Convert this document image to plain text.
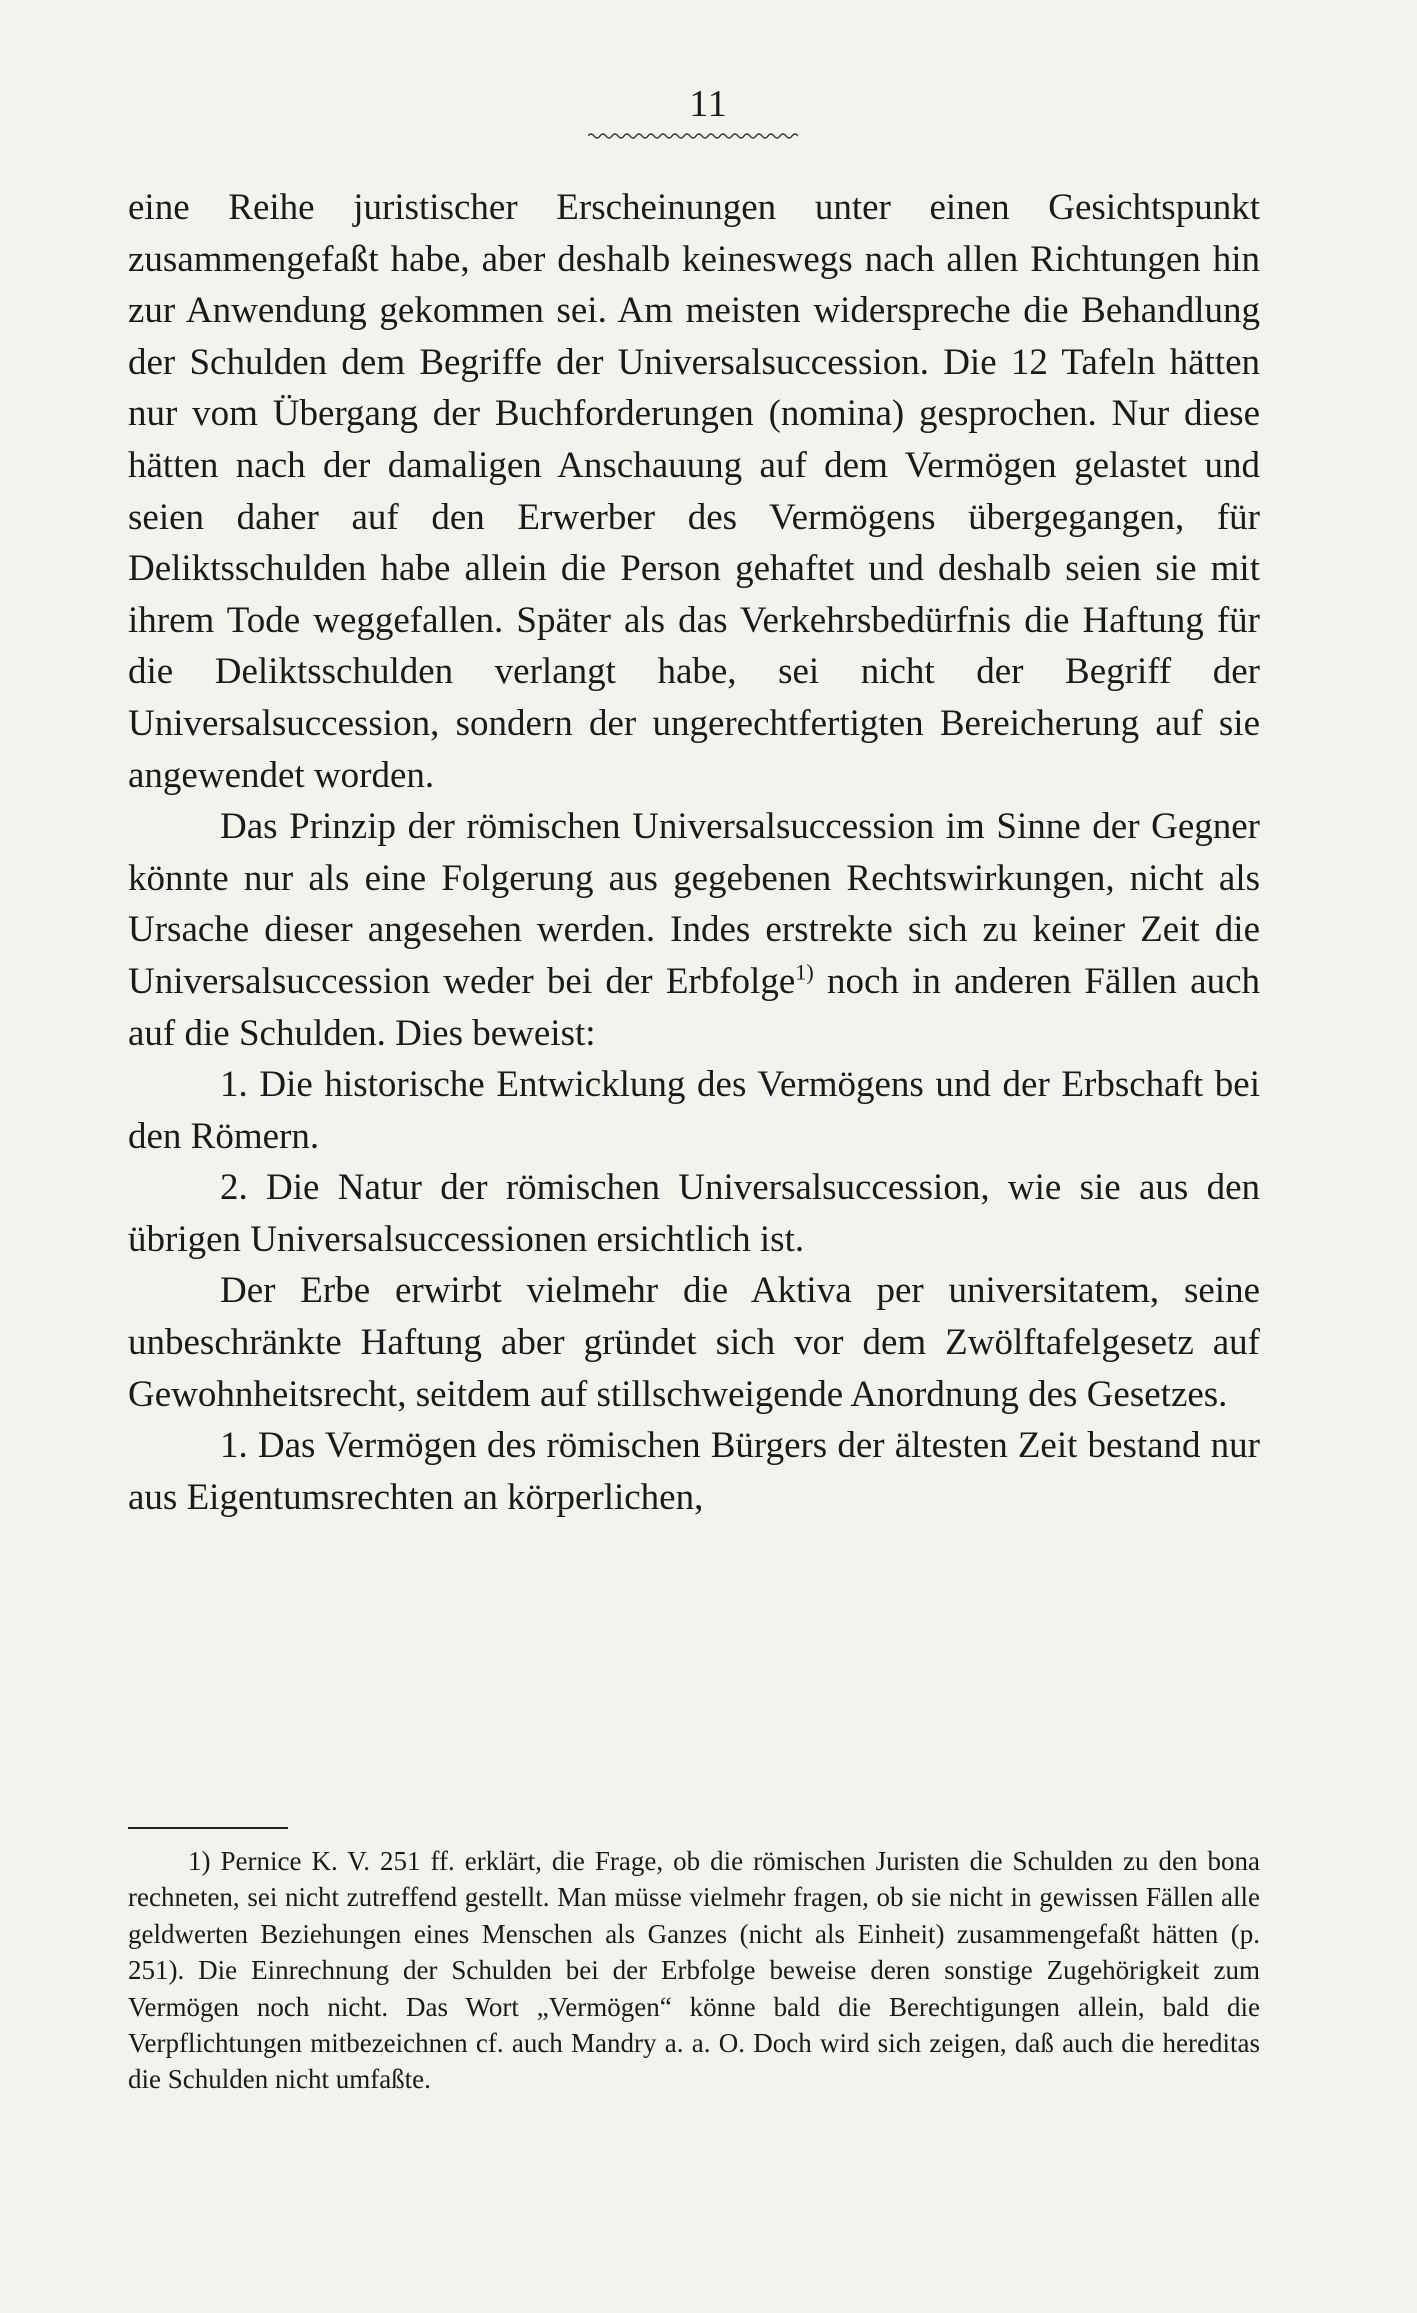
11

eine Reihe juristischer Erscheinungen unter einen Gesichtspunkt zusammengefaßt habe, aber deshalb keineswegs nach allen Richtungen hin zur Anwendung gekommen sei. Am meisten widerspreche die Behandlung der Schulden dem Begriffe der Universalsuccession. Die 12 Tafeln hätten nur vom Übergang der Buchforderungen (nomina) gesprochen. Nur diese hätten nach der damaligen Anschauung auf dem Vermögen gelastet und seien daher auf den Erwerber des Vermögens übergegangen, für Deliktsschulden habe allein die Person gehaftet und deshalb seien sie mit ihrem Tode weggefallen. Später als das Verkehrsbedürfnis die Haftung für die Deliktsschulden verlangt habe, sei nicht der Begriff der Universalsuccession, sondern der ungerechtfertigten Bereicherung auf sie angewendet worden.

Das Prinzip der römischen Universalsuccession im Sinne der Gegner könnte nur als eine Folgerung aus gegebenen Rechtswirkungen, nicht als Ursache dieser angesehen werden. Indes erstrekte sich zu keiner Zeit die Universalsuccession weder bei der Erbfolge$^{1)}$ noch in anderen Fällen auch auf die Schulden. Dies beweist:

1. Die historische Entwicklung des Vermögens und der Erbschaft bei den Römern.

2. Die Natur der römischen Universalsuccession, wie sie aus den übrigen Universalsuccessionen ersichtlich ist.

Der Erbe erwirbt vielmehr die Aktiva per universitatem, seine unbeschränkte Haftung aber gründet sich vor dem Zwölftafelgesetz auf Gewohnheitsrecht, seitdem auf stillschweigende Anordnung des Gesetzes.

1. Das Vermögen des römischen Bürgers der ältesten Zeit bestand nur aus Eigentumsrechten an körperlichen,

1) Pernice K. V. 251 ff. erklärt, die Frage, ob die römischen Juristen die Schulden zu den bona rechneten, sei nicht zutreffend gestellt. Man müsse vielmehr fragen, ob sie nicht in gewissen Fällen alle geldwerten Beziehungen eines Menschen als Ganzes (nicht als Einheit) zusammengefaßt hätten (p. 251). Die Einrechnung der Schulden bei der Erbfolge beweise deren sonstige Zugehörigkeit zum Vermögen noch nicht. Das Wort „Vermögen“ könne bald die Berechtigungen allein, bald die Verpflichtungen mitbezeichnen cf. auch Mandry a. a. O. Doch wird sich zeigen, daß auch die hereditas die Schulden nicht umfaßte.
